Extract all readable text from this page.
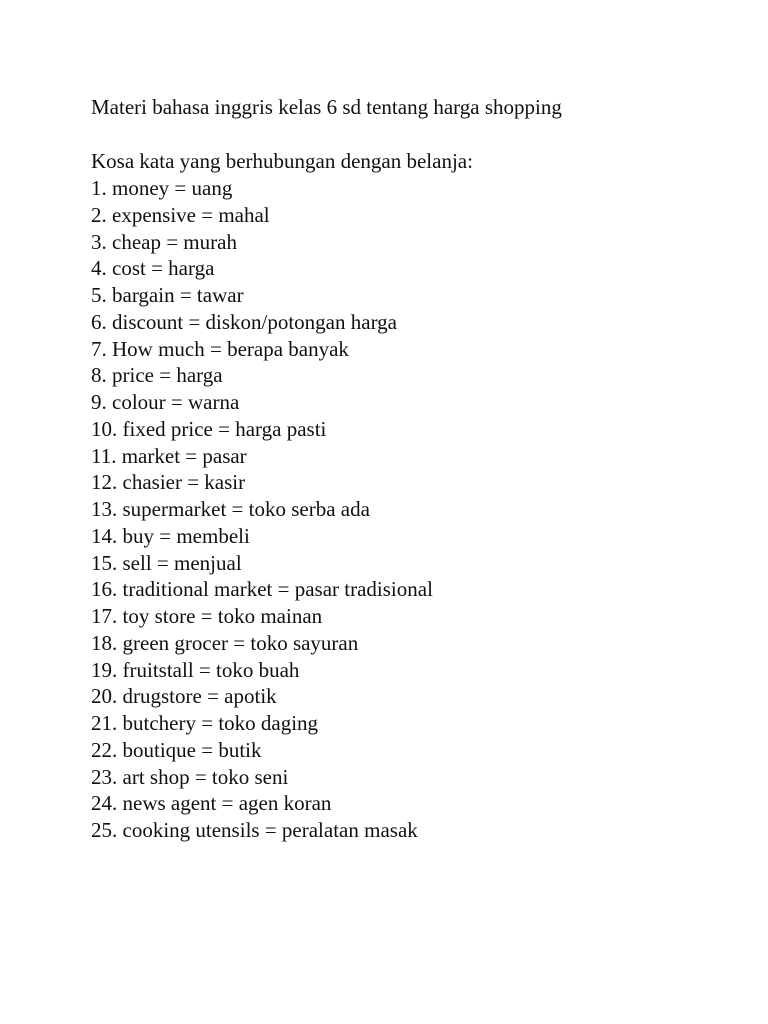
Materi bahasa inggris kelas 6 sd tentang harga shopping

Kosa kata yang berhubungan dengan belanja:

1. money = uang
2. expensive = mahal
3. cheap = murah
4. cost = harga
5. bargain = tawar
6. discount = diskon/potongan harga
7. How much = berapa banyak
8. price = harga
9. colour = warna
10. fixed price = harga pasti
11. market = pasar
12. chasier = kasir
13. supermarket = toko serba ada
14. buy = membeli
15. sell = menjual
16. traditional market = pasar tradisional
17. toy store = toko mainan
18. green grocer = toko sayuran
19. fruitstall = toko buah
20. drugstore = apotik
21. butchery = toko daging
22. boutique = butik
23. art shop = toko seni
24. news agent = agen koran
25. cooking utensils = peralatan masak
